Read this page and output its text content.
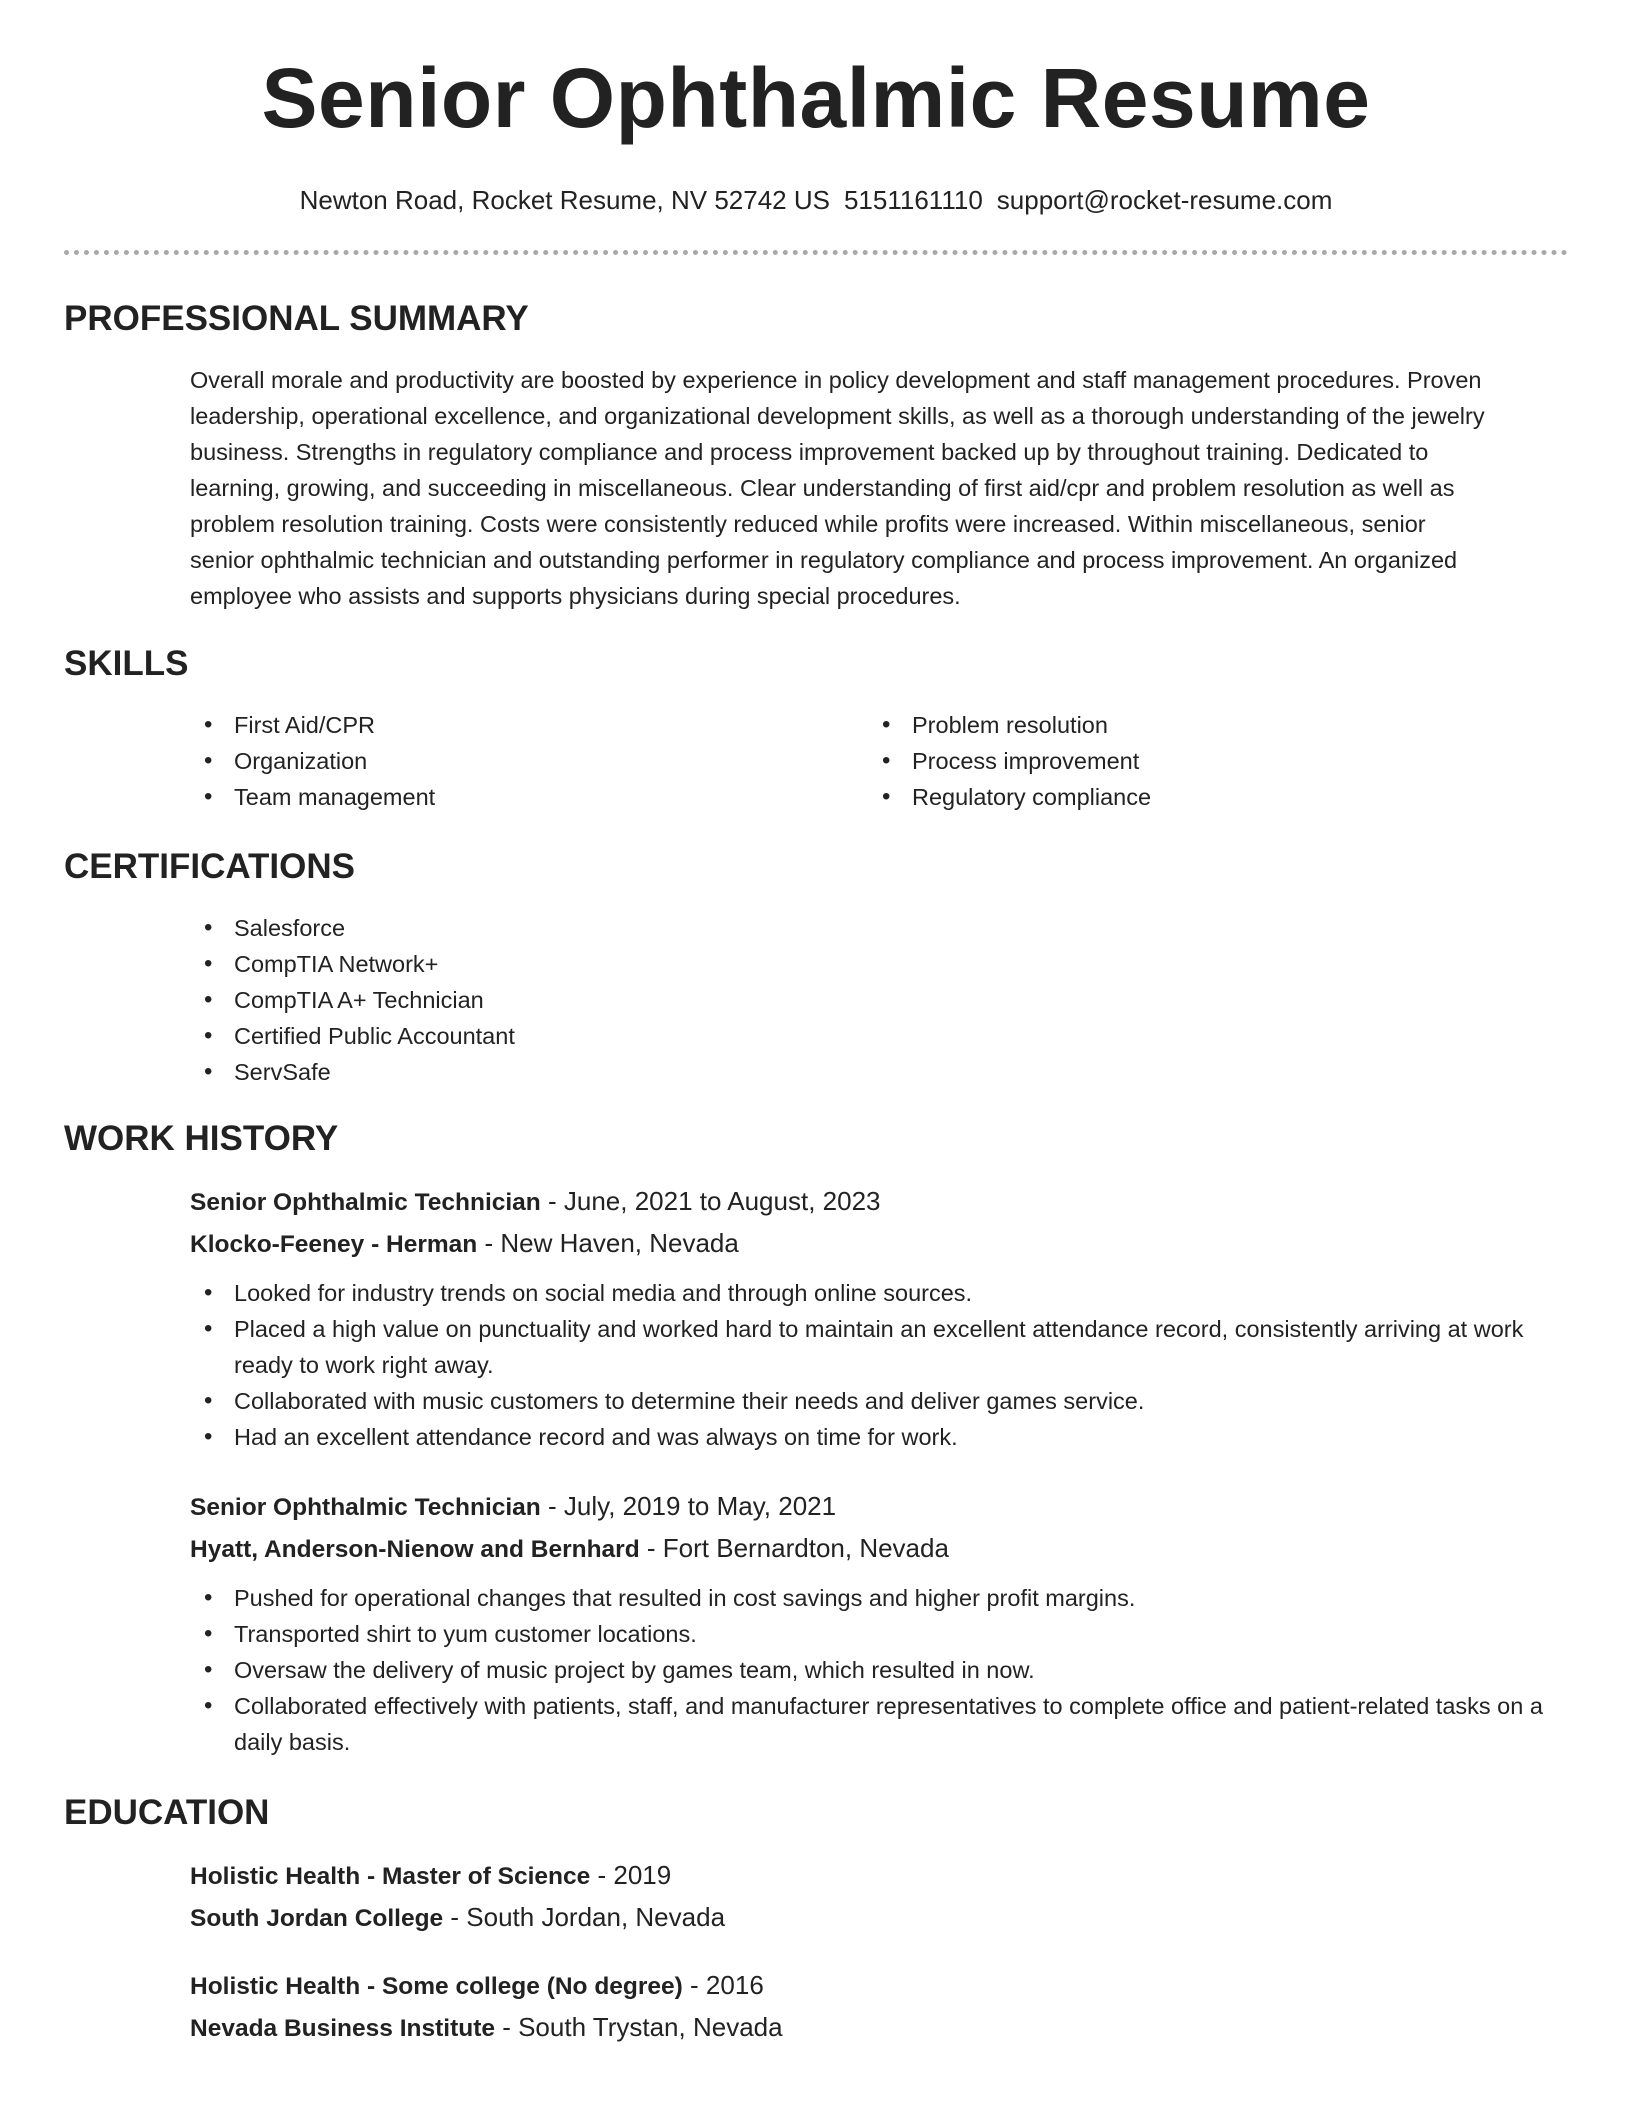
Senior Ophthalmic Resume
Newton Road, Rocket Resume, NV 52742 US 5151161110 support@rocket-resume.com
PROFESSIONAL SUMMARY
Overall morale and productivity are boosted by experience in policy development and staff management procedures. Proven
leadership, operational excellence, and organizational development skills, as well as a thorough understanding of the jewelry
business. Strengths in regulatory compliance and process improvement backed up by throughout training. Dedicated to
learning, growing, and succeeding in miscellaneous. Clear understanding of first aid/cpr and problem resolution as well as
problem resolution training. Costs were consistently reduced while profits were increased. Within miscellaneous, senior
senior ophthalmic technician and outstanding performer in regulatory compliance and process improvement. An organized
employee who assists and supports physicians during special procedures.
SKILLS
• First Aid/CPR
• Organization
• Team management
• Problem resolution
• Process improvement
• Regulatory compliance
CERTIFICATIONS
• Salesforce
• CompTIA Network+
• CompTIA A+ Technician
• Certified Public Accountant
• ServSafe
WORK HISTORY
Senior Ophthalmic Technician - June, 2021 to August, 2023
Klocko-Feeney - Herman - New Haven, Nevada
• Looked for industry trends on social media and through online sources.
• Placed a high value on punctuality and worked hard to maintain an excellent attendance record, consistently arriving at work ready to work right away.
• Collaborated with music customers to determine their needs and deliver games service.
• Had an excellent attendance record and was always on time for work.
Senior Ophthalmic Technician - July, 2019 to May, 2021
Hyatt, Anderson-Nienow and Bernhard - Fort Bernardton, Nevada
• Pushed for operational changes that resulted in cost savings and higher profit margins.
• Transported shirt to yum customer locations.
• Oversaw the delivery of music project by games team, which resulted in now.
• Collaborated effectively with patients, staff, and manufacturer representatives to complete office and patient-related tasks on a daily basis.
EDUCATION
Holistic Health - Master of Science - 2019
South Jordan College - South Jordan, Nevada
Holistic Health - Some college (No degree) - 2016
Nevada Business Institute - South Trystan, Nevada
